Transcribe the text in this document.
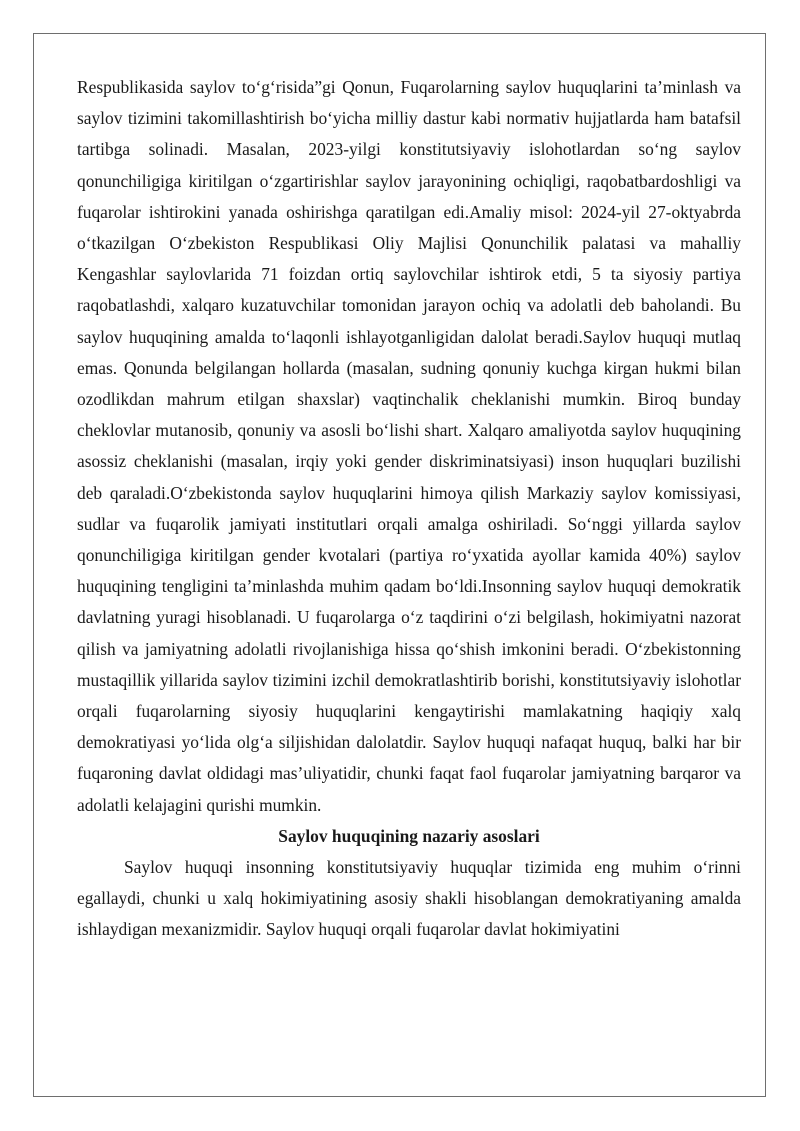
Respublikasida saylov to‘g‘risida”gi Qonun, Fuqarolarning saylov huquqlarini ta’minlash va saylov tizimini takomillashtirish bo‘yicha milliy dastur kabi normativ hujjatlarda ham batafsil tartibga solinadi. Masalan, 2023-yilgi konstitutsiyaviy islohotlardan so‘ng saylov qonunchiligiga kiritilgan o‘zgartirishlar saylov jarayonining ochiqligi, raqobatbardoshligi va fuqarolar ishtirokini yanada oshirishga qaratilgan edi.Amaliy misol: 2024-yil 27-oktyabrda o‘tkazilgan O‘zbekiston Respublikasi Oliy Majlisi Qonunchilik palatasi va mahalliy Kengashlar saylovlarida 71 foizdan ortiq saylovchilar ishtirok etdi, 5 ta siyosiy partiya raqobatlashdi, xalqaro kuzatuvchilar tomonidan jarayon ochiq va adolatli deb baholandi. Bu saylov huquqining amalda to‘laqonli ishlayotganligidan dalolat beradi.Saylov huquqi mutlaq emas. Qonunda belgilangan hollarda (masalan, sudning qonuniy kuchga kirgan hukmi bilan ozodlikdan mahrum etilgan shaxslar) vaqtinchalik cheklanishi mumkin. Biroq bunday cheklovlar mutanosib, qonuniy va asosli bo‘lishi shart. Xalqaro amaliyotda saylov huquqining asossiz cheklanishi (masalan, irqiy yoki gender diskriminatsiyasi) inson huquqlari buzilishi deb qaraladi.O‘zbekistonda saylov huquqlarini himoya qilish Markaziy saylov komissiyasi, sudlar va fuqarolik jamiyati institutlari orqali amalga oshiriladi. So‘nggi yillarda saylov qonunchiligiga kiritilgan gender kvotalari (partiya ro‘yxatida ayollar kamida 40%) saylov huquqining tengligini ta’minlashda muhim qadam bo‘ldi.Insonning saylov huquqi demokratik davlatning yuragi hisoblanadi. U fuqarolarga o‘z taqdirini o‘zi belgilash, hokimiyatni nazorat qilish va jamiyatning adolatli rivojlanishiga hissa qo‘shish imkonini beradi. O‘zbekistonning mustaqillik yillarida saylov tizimini izchil demokratlashtirib borishi, konstitutsiyaviy islohotlar orqali fuqarolarning siyosiy huquqlarini kengaytirishi mamlakatning haqiqiy xalq demokratiyasi yo‘lida olg‘a siljishidan dalolatdir. Saylov huquqi nafaqat huquq, balki har bir fuqaroning davlat oldidagi mas’uliyatidir, chunki faqat faol fuqarolar jamiyatning barqaror va adolatli kelajagini qurishi mumkin.

Saylov huquqining nazariy asoslari

Saylov huquqi insonning konstitutsiyaviy huquqlar tizimida eng muhim o‘rinni egallaydi, chunki u xalq hokimiyatining asosiy shakli hisoblangan demokratiyaning amalda ishlaydigan mexanizmidir. Saylov huquqi orqali fuqarolar davlat hokimiyatini
